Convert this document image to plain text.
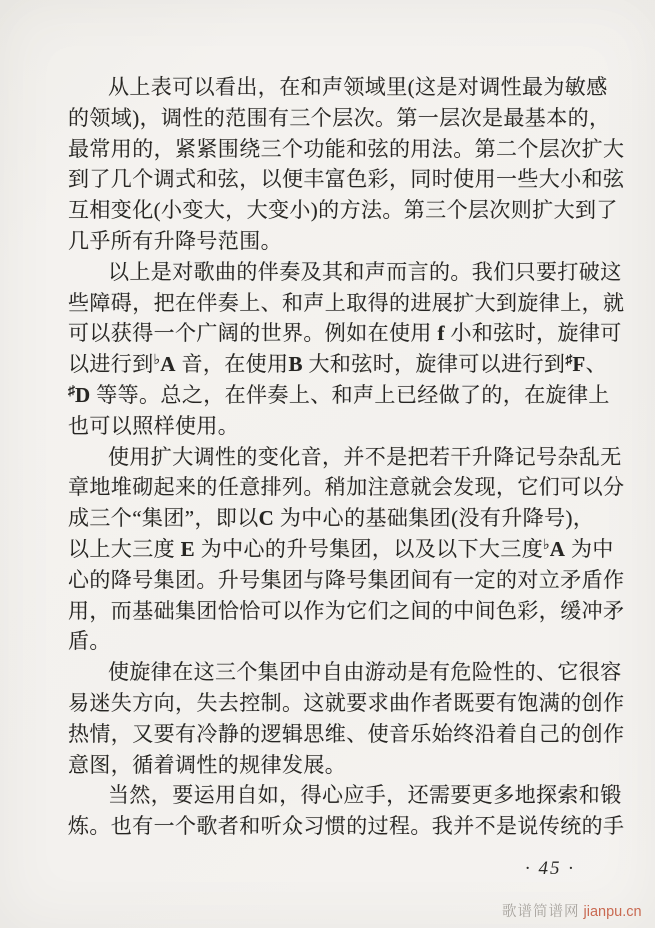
从上表可以看出，在和声领域里(这是对调性最为敏感
的领域)，调性的范围有三个层次。第一层次是最基本的，
最常用的，紧紧围绕三个功能和弦的用法。第二个层次扩大
到了几个调式和弦，以便丰富色彩，同时使用一些大小和弦
互相变化(小变大，大变小)的方法。第三个层次则扩大到了
几乎所有升降号范围。
以上是对歌曲的伴奏及其和声而言的。我们只要打破这
些障碍，把在伴奏上、和声上取得的进展扩大到旋律上，就
可以获得一个广阔的世界。例如在使用 f 小和弦时，旋律可
以进行到♭A 音，在使用B 大和弦时，旋律可以进行到♯F、
♯D 等等。总之，在伴奏上、和声上已经做了的，在旋律上
也可以照样使用。
使用扩大调性的变化音，并不是把若干升降记号杂乱无
章地堆砌起来的任意排列。稍加注意就会发现，它们可以分
成三个“集团”，即以C 为中心的基础集团(没有升降号)，
以上大三度 E 为中心的升号集团，以及以下大三度♭A 为中
心的降号集团。升号集团与降号集团间有一定的对立矛盾作
用，而基础集团恰恰可以作为它们之间的中间色彩，缓冲矛
盾。
使旋律在这三个集团中自由游动是有危险性的、它很容
易迷失方向，失去控制。这就要求曲作者既要有饱满的创作
热情，又要有冷静的逻辑思维、使音乐始终沿着自己的创作
意图，循着调性的规律发展。
当然，要运用自如，得心应手，还需要更多地探索和锻
炼。也有一个歌者和听众习惯的过程。我并不是说传统的手
· 45 ·
歌谱简谱网 jianpu.cn
